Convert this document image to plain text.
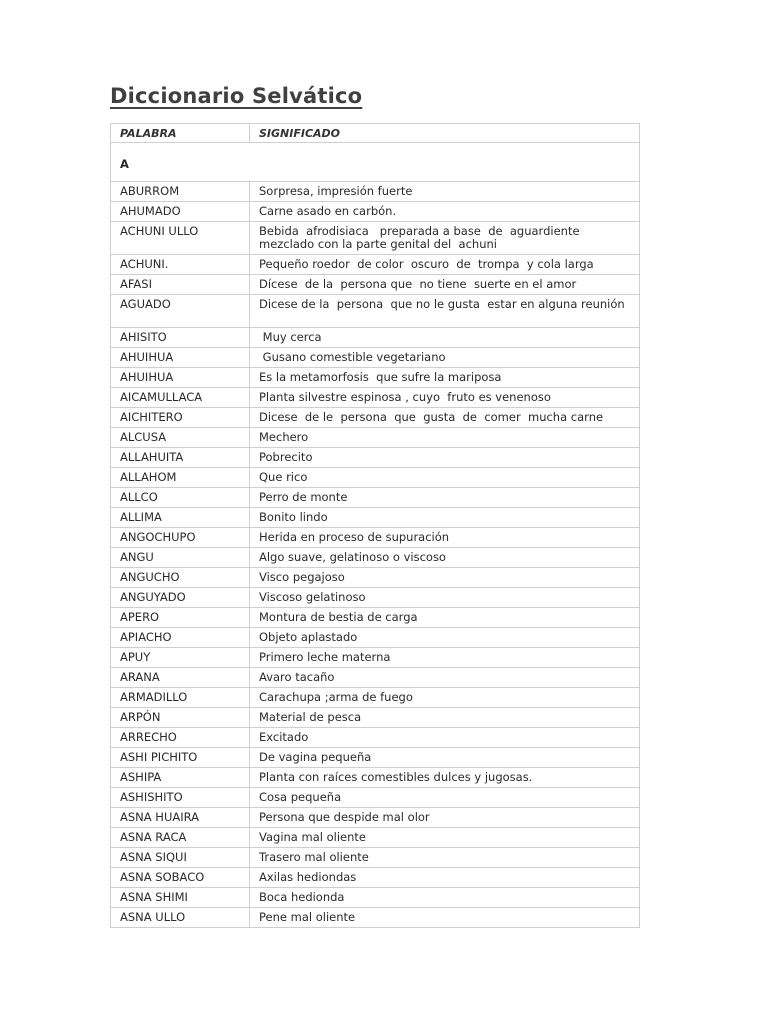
Diccionario Selvático
PALABRA	SIGNIFICADO
A	
ABURROM	Sorpresa, impresión fuerte
AHUMADO	Carne asado en carbón.
ACHUNI ULLO	Bebida  afrodisiaca   preparada a base  de  aguardiente mezclado con la parte genital del  achuni
ACHUNI.	Pequeño roedor  de color  oscuro  de  trompa  y cola larga
AFASI	Dícese  de la  persona que  no tiene  suerte en el amor
AGUADO	Dicese de la  persona  que no le gusta  estar en alguna reunión
AHISITO	Muy cerca
AHUIHUA	Gusano comestible vegetariano
AHUIHUA	Es la metamorfosis  que sufre la mariposa
AICAMULLACA	Planta silvestre espinosa , cuyo  fruto es venenoso
AICHITERO	Dicese  de le  persona  que  gusta  de  comer  mucha carne
ALCUSA	Mechero
ALLAHUITA	Pobrecito
ALLAHOM	Que rico
ALLCO	Perro de monte
ALLIMA	Bonito lindo
ANGOCHUPO	Herida en proceso de supuración
ANGU	Algo suave, gelatinoso o viscoso
ANGUCHO	Visco pegajoso
ANGUYADO	Viscoso gelatinoso
APERO	Montura de bestia de carga
APIACHO	Objeto aplastado
APUY	Primero leche materna
ARANA	Avaro tacaño
ARMADILLO	Carachupa ;arma de fuego
ARPÓN	Material de pesca
ARRECHO	Excitado
ASHI PICHITO	De vagina pequeña
ASHIPA	Planta con raíces comestibles dulces y jugosas.
ASHISHITO	Cosa pequeña
ASNA HUAIRA	Persona que despide mal olor
ASNA RACA	Vagina mal oliente
ASNA SIQUI	Trasero mal oliente
ASNA SOBACO	Axilas hediondas
ASNA SHIMI	Boca hedionda
ASNA ULLO	Pene mal oliente
